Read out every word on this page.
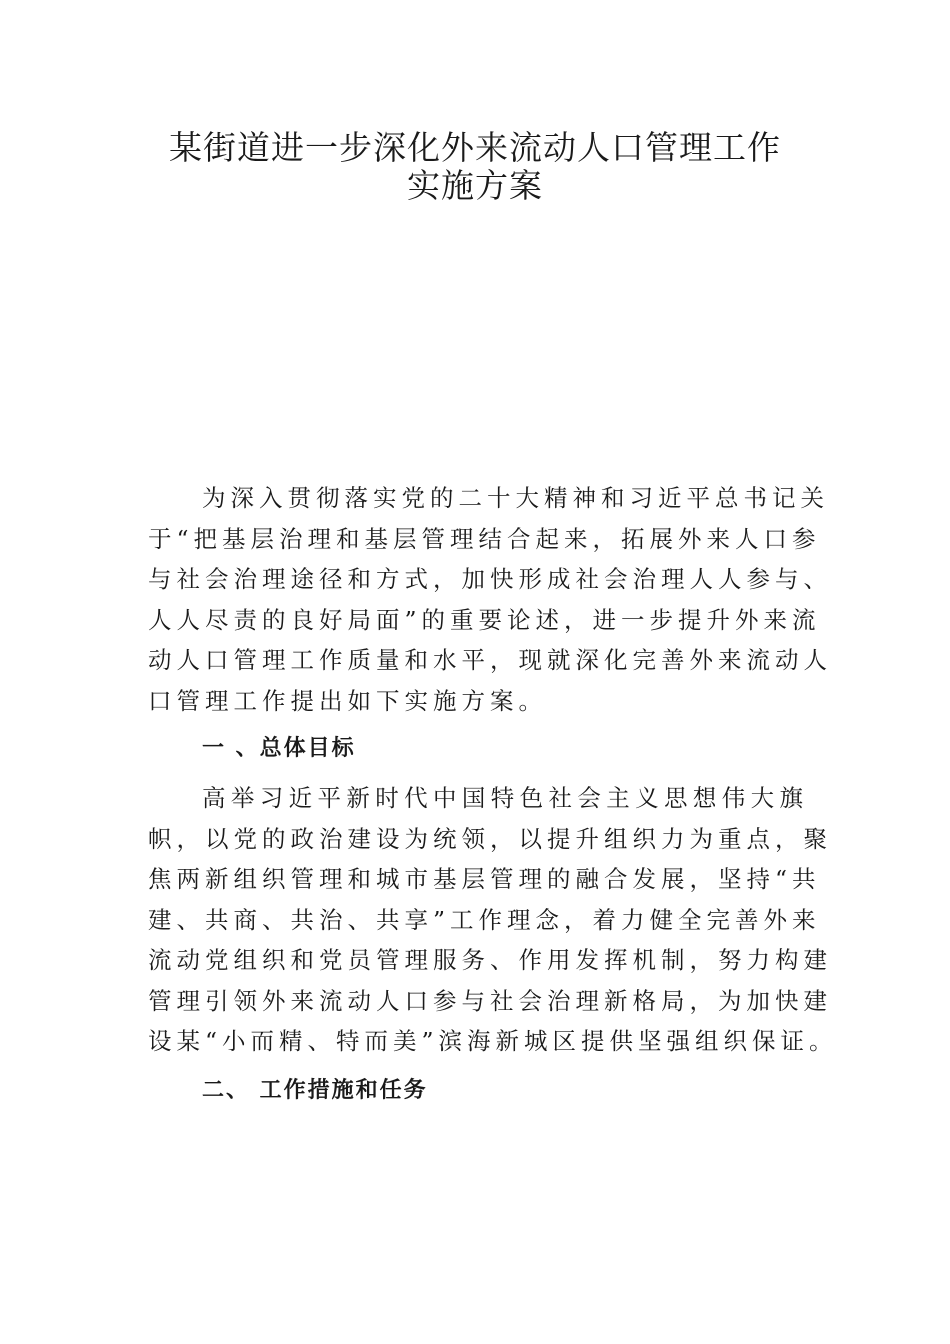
某街道进一步深化外来流动人口管理工作
实施方案
为深入贯彻落实党的二十大精神和习近平总书记关
于“把基层治理和基层管理结合起来，拓展外来人口参
与社会治理途径和方式，加快形成社会治理人人参与、
人人尽责的良好局面”的重要论述，进一步提升外来流
动人口管理工作质量和水平，现就深化完善外来流动人
口管理工作提出如下实施方案。
一 、总体目标
高举习近平新时代中国特色社会主义思想伟大旗
帜，以党的政治建设为统领，以提升组织力为重点，聚
焦两新组织管理和城市基层管理的融合发展，坚持“共
建、共商、共治、共享”工作理念，着力健全完善外来
流动党组织和党员管理服务、作用发挥机制，努力构建
管理引领外来流动人口参与社会治理新格局，为加快建
设某“小而精、特而美”滨海新城区提供坚强组织保证。
二、 工作措施和任务
